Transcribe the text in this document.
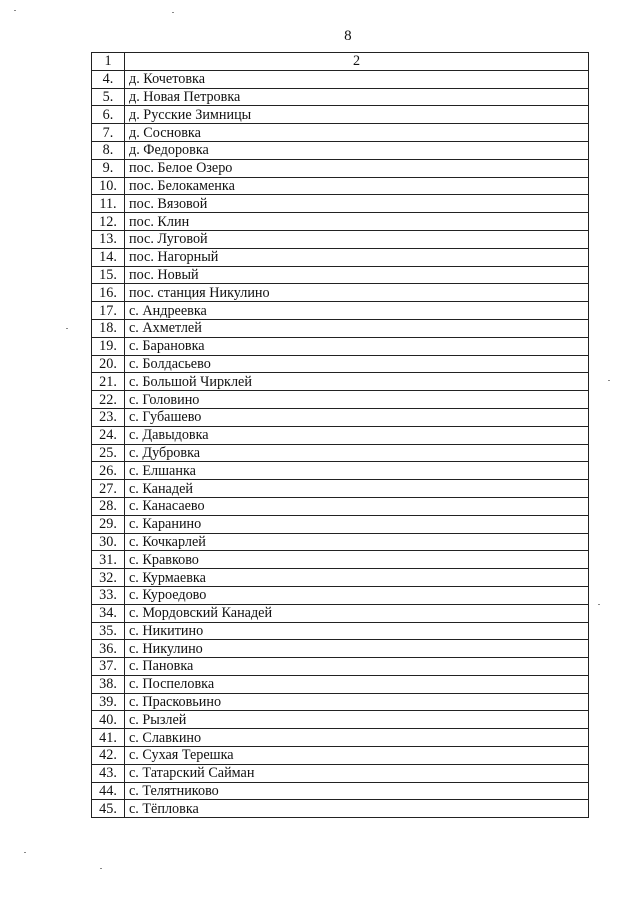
8
1	2
4.	д. Кочетовка
5.	д. Новая Петровка
6.	д. Русские Зимницы
7.	д. Сосновка
8.	д. Федоровка
9.	пос. Белое Озеро
10.	пос. Белокаменка
11.	пос. Вязовой
12.	пос. Клин
13.	пос. Луговой
14.	пос. Нагорный
15.	пос. Новый
16.	пос. станция Никулино
17.	с. Андреевка
18.	с. Ахметлей
19.	с. Барановка
20.	с. Болдасьево
21.	с. Большой Чирклей
22.	с. Головино
23.	с. Губашево
24.	с. Давыдовка
25.	с. Дубровка
26.	с. Елшанка
27.	с. Канадей
28.	с. Канасаево
29.	с. Каранино
30.	с. Кочкарлей
31.	с. Кравково
32.	с. Курмаевка
33.	с. Куроедово
34.	с. Мордовский Канадей
35.	с. Никитино
36.	с. Никулино
37.	с. Пановка
38.	с. Поспеловка
39.	с. Прасковьино
40.	с. Рызлей
41.	с. Славкино
42.	с. Сухая Терешка
43.	с. Татарский Сайман
44.	с. Телятниково
45.	с. Тёпловка
